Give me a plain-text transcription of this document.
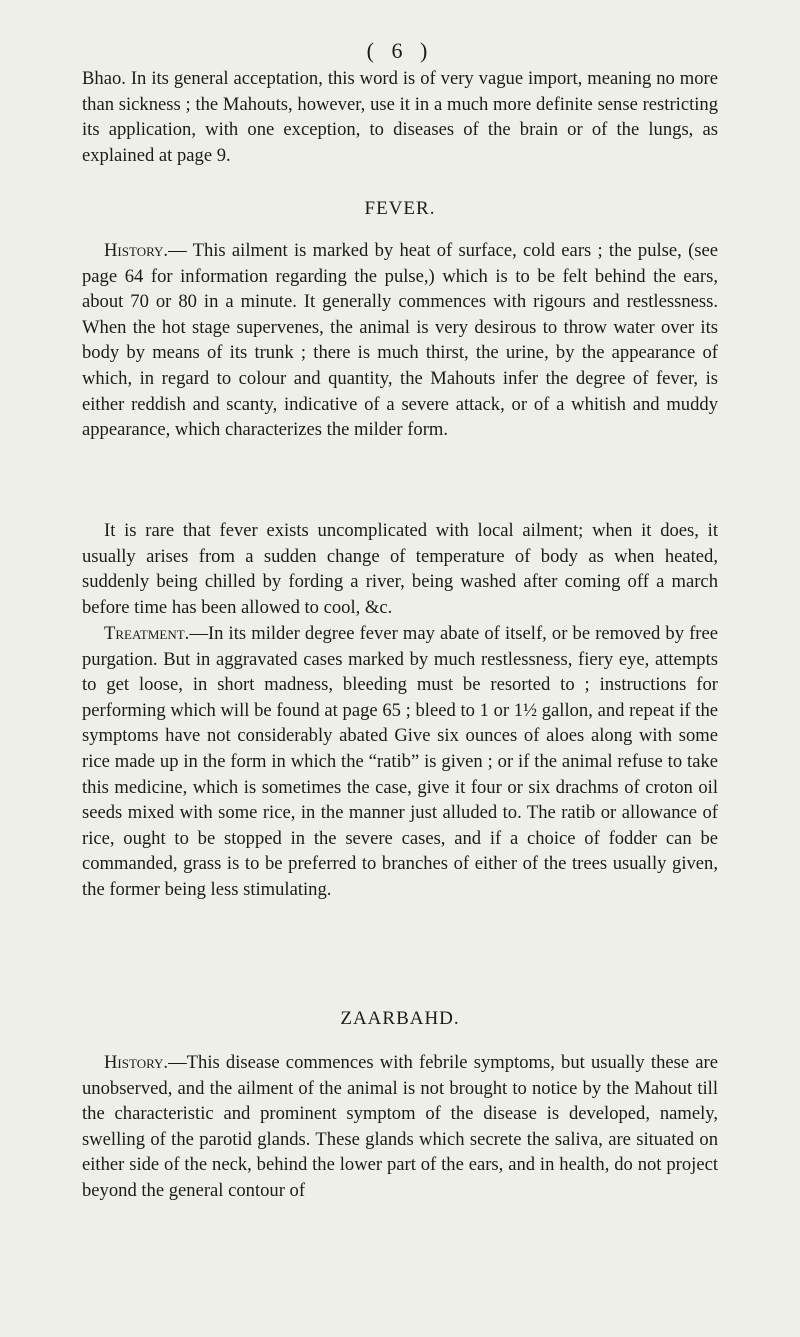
( 6 )

Bhao. In its general acceptation, this word is of very vague import, meaning no more than sickness ; the Mahouts, however, use it in a much more definite sense restricting its application, with one exception, to diseases of the brain or of the lungs, as explained at page 9.

FEVER.

History.— This ailment is marked by heat of surface, cold ears ; the pulse, (see page 64 for information regarding the pulse,) which is to be felt behind the ears, about 70 or 80 in a minute. It generally commences with rigours and restlessness. When the hot stage supervenes, the animal is very desirous to throw water over its body by means of its trunk ; there is much thirst, the urine, by the appearance of which, in regard to colour and quantity, the Mahouts infer the degree of fever, is either reddish and scanty, indicative of a severe attack, or of a whitish and muddy appearance, which characterizes the milder form.

It is rare that fever exists uncomplicated with local ailment; when it does, it usually arises from a sudden change of temperature of body as when heated, suddenly being chilled by fording a river, being washed after coming off a march before time has been allowed to cool, &c.

Treatment.—In its milder degree fever may abate of itself, or be removed by free purgation. But in aggravated cases marked by much restlessness, fiery eye, attempts to get loose, in short madness, bleeding must be resorted to ; instructions for performing which will be found at page 65 ; bleed to 1 or 1½ gallon, and repeat if the symptoms have not considerably abated Give six ounces of aloes along with some rice made up in the form in which the “ratib” is given ; or if the animal refuse to take this medicine, which is sometimes the case, give it four or six drachms of croton oil seeds mixed with some rice, in the manner just alluded to. The ratib or allowance of rice, ought to be stopped in the severe cases, and if a choice of fodder can be commanded, grass is to be preferred to branches of either of the trees usually given, the former being less stimulating.

ZAARBAHD.

History.—This disease commences with febrile symptoms, but usually these are unobserved, and the ailment of the animal is not brought to notice by the Mahout till the characteristic and prominent symptom of the disease is developed, namely, swelling of the parotid glands. These glands which secrete the saliva, are situated on either side of the neck, behind the lower part of the ears, and in health, do not project beyond the general contour of
